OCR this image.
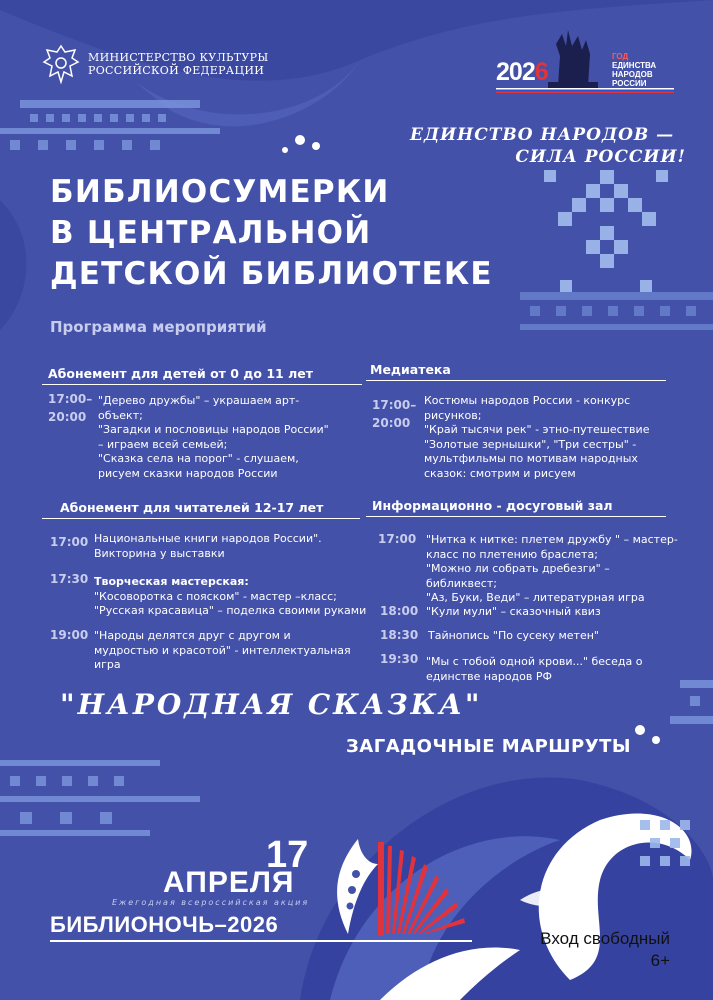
МИНИСТЕРСТВО КУЛЬТУРЫ
РОССИЙСКОЙ ФЕДЕРАЦИИ	2026
ГОД
ЕДИНСТВА
НАРОДОВ
РОССИИ
ЕДИНСТВО НАРОДОВ —
СИЛА РОССИИ!
БИБЛИОСУМЕРКИ
В ЦЕНТРАЛЬНОЙ
ДЕТСКОЙ БИБЛИОТЕКЕ
Программа мероприятий
Абонемент для детей от 0 до 11 лет
17:00–
20:00
"Дерево дружбы" – украшаем арт-
объект;
"Загадки и пословицы народов России"
– играем всей семьей;
"Сказка села на порог" - слушаем,
рисуем сказки народов России
Медиатека
17:00–
20:00
Костюмы народов России - конкурс
рисунков;
"Край тысячи рек" - этно-путешествие
"Золотые зернышки", "Три сестры" -
мультфильмы по мотивам народных
сказок: смотрим и рисуем
Абонемент для читателей 12-17 лет
17:00 Национальные книги народов России".
Викторина у выставки
17:30 Творческая мастерская:
"Косоворотка с пояском" - мастер –класс;
"Русская красавица" – поделка своими руками
19:00 "Народы делятся друг с другом и
мудростью и красотой" - интеллектуальная
игра
Информационно - досуговый зал
17:00 "Нитка к нитке: плетем дружбу " – мастер-
класс по плетению браслета;
"Можно ли собрать дребезги" –
библиквест;
"Аз, Буки, Веди" – литературная игра
18:00 "Кули мули" – сказочный квиз
18:30 Тайнопись "По сусеку метен"
19:30 "Мы с тобой одной крови..." беседа о
единстве народов РФ
"НАРОДНАЯ СКАЗКА"
ЗАГАДОЧНЫЕ МАРШРУТЫ
17
АПРЕЛЯ
Ежегодная всероссийская акция
БИБЛИОНОЧЬ–2026
Вход свободный
6+
